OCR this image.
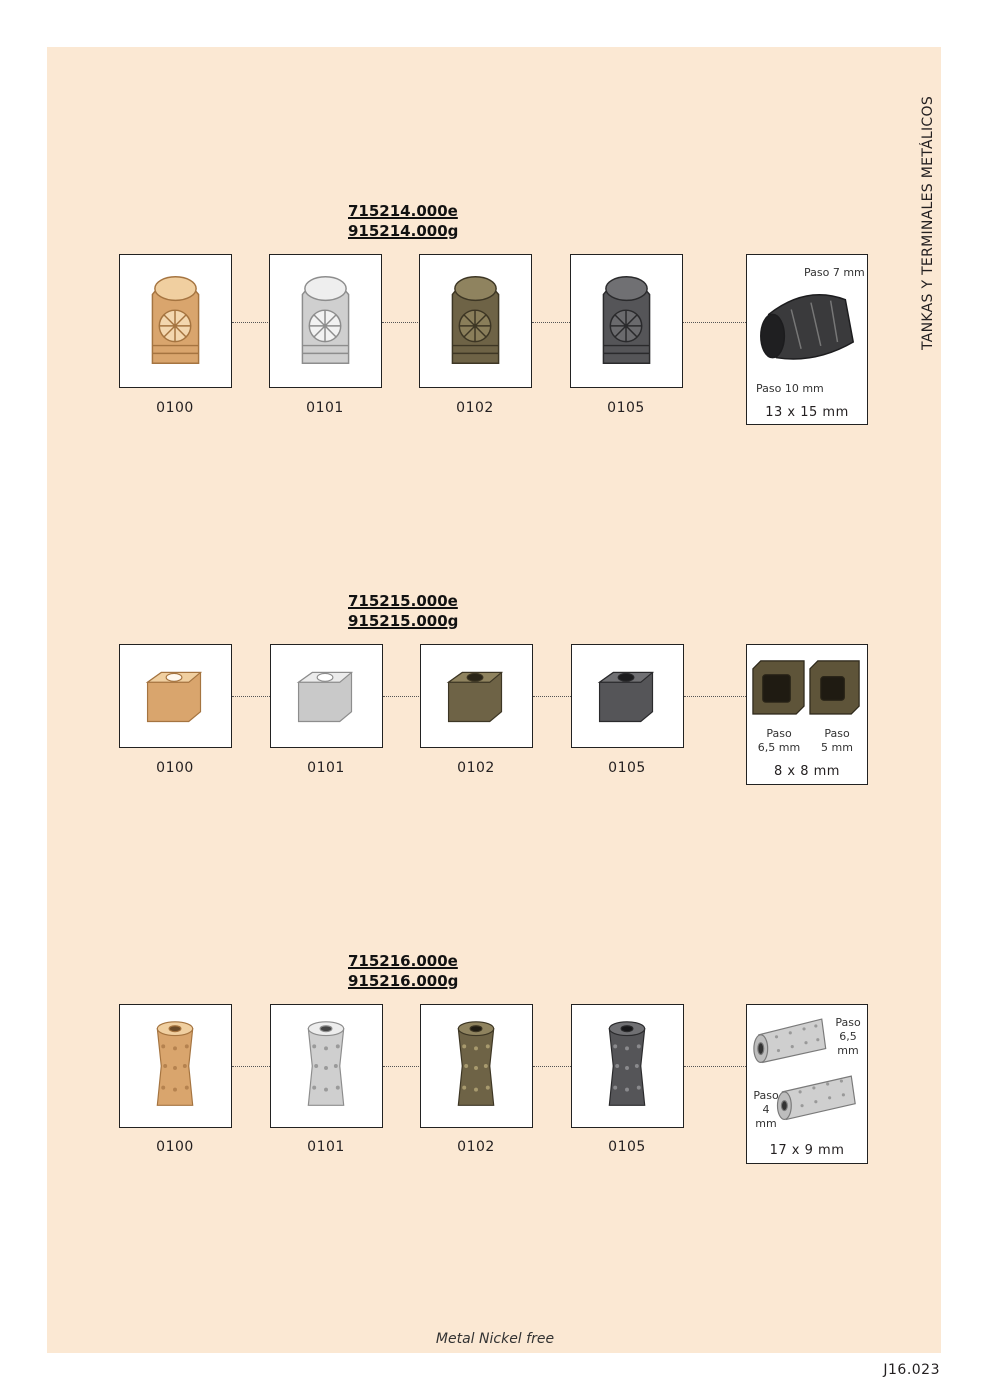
TANKAS Y TERMINALES METÁLICOS
715214.000e
915214.000g
0100	0101	0102	0105
Paso 7 mm
Paso 10 mm
13 x 15 mm
715215.000e
915215.000g
0100	0101	0102	0105
Paso
6,5 mm
Paso
5 mm
8 x 8 mm
715216.000e
915216.000g
0100	0101	0102	0105
Paso
6,5
mm
Paso
4
mm
17 x 9 mm
Metal Nickel free
J16.023
